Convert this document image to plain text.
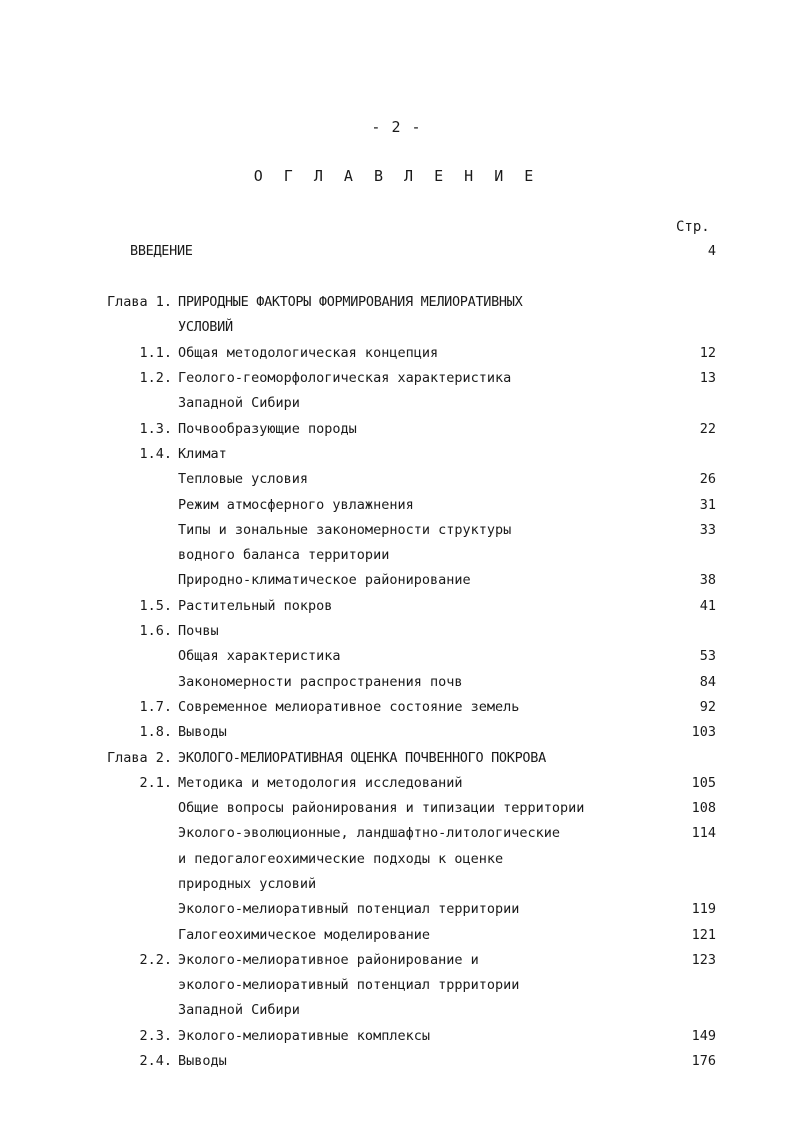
- 2 -
О Г Л А В Л Е Н И Е
Стр.
ВВЕДЕНИЕ	4
Глава 1. ПРИРОДНЫЕ ФАКТОРЫ ФОРМИРОВАНИЯ МЕЛИОРАТИВНЫХ
УСЛОВИЙ
1.1. Общая методологическая концепция	12
1.2. Геолого-геоморфологическая характеристика	13
Западной Сибири
1.3. Почвообразующие породы	22
1.4. Климат
Тепловые условия	26
Режим атмосферного увлажнения	31
Типы и зональные закономерности структуры	33
водного баланса территории
Природно-климатическое районирование	38
1.5. Растительный покров	41
1.6. Почвы
Общая характеристика	53
Закономерности распространения почв	84
1.7. Современное мелиоративное состояние земель	92
1.8. Выводы	103
Глава 2. ЭКОЛОГО-МЕЛИОРАТИВНАЯ ОЦЕНКА ПОЧВЕННОГО ПОКРОВА
2.1. Методика и методология исследований	105
Общие вопросы районирования и типизации территории	108
Эколого-эволюционные, ландшафтно-литологические	114
и педогалогеохимические подходы к оценке
природных условий
Эколого-мелиоративный потенциал территории	119
Галогеохимическое моделирование	121
2.2. Эколого-мелиоративное районирование и	123
эколого-мелиоративный потенциал тррритории
Западной Сибири
2.3. Эколого-мелиоративные комплексы	149
2.4. Выводы	176
